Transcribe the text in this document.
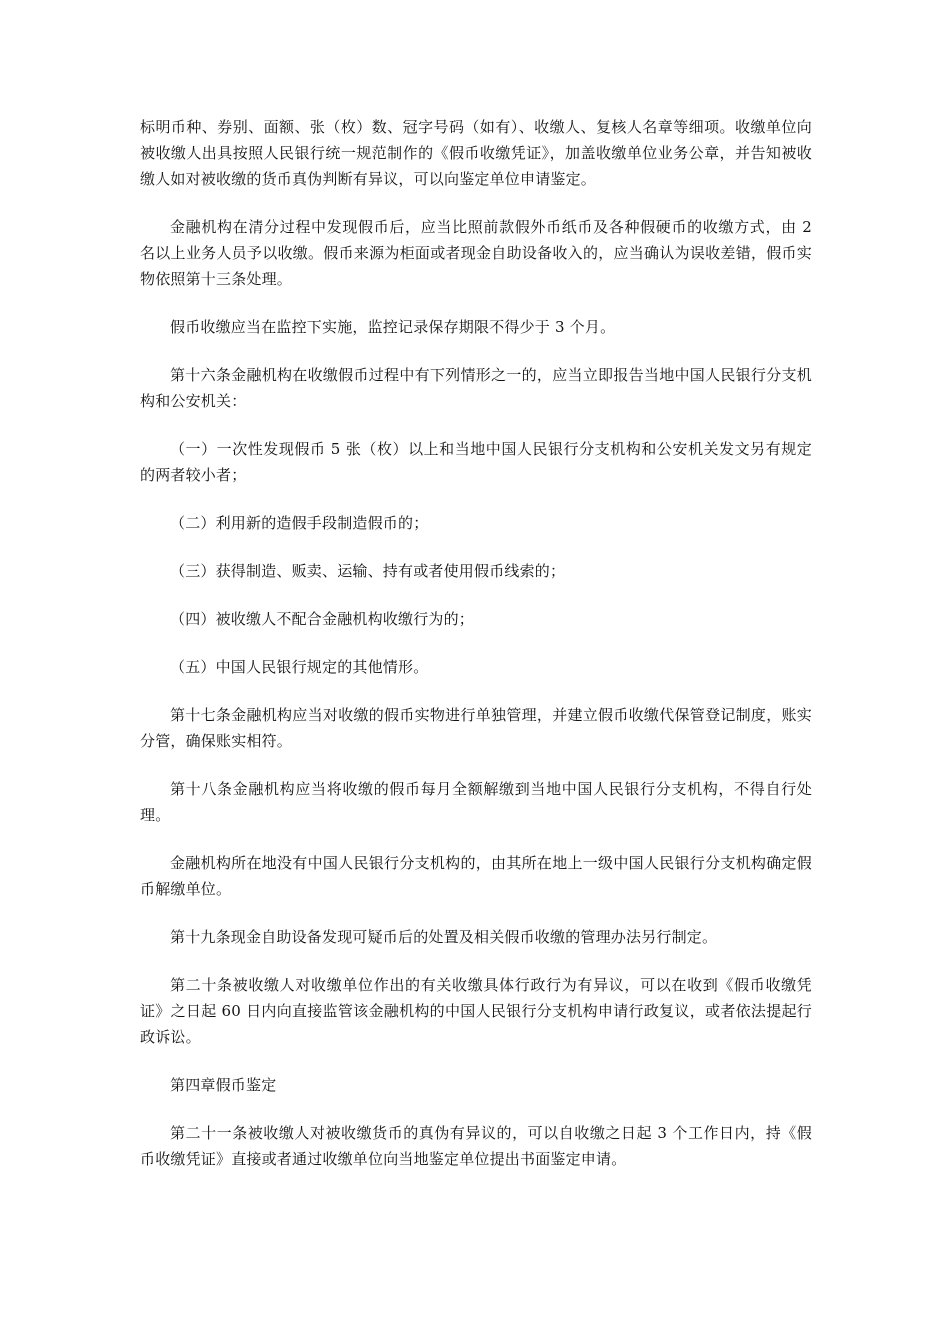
标明币种、券别、面额、张（枚）数、冠字号码（如有）、收缴人、复核人名章等细项。收缴单位向被收缴人出具按照人民银行统一规范制作的《假币收缴凭证》，加盖收缴单位业务公章，并告知被收缴人如对被收缴的货币真伪判断有异议，可以向鉴定单位申请鉴定。

金融机构在清分过程中发现假币后，应当比照前款假外币纸币及各种假硬币的收缴方式，由 2 名以上业务人员予以收缴。假币来源为柜面或者现金自助设备收入的，应当确认为误收差错，假币实物依照第十三条处理。

假币收缴应当在监控下实施，监控记录保存期限不得少于 3 个月。

第十六条金融机构在收缴假币过程中有下列情形之一的，应当立即报告当地中国人民银行分支机构和公安机关：

（一）一次性发现假币 5 张（枚）以上和当地中国人民银行分支机构和公安机关发文另有规定的两者较小者；

（二）利用新的造假手段制造假币的；

（三）获得制造、贩卖、运输、持有或者使用假币线索的；

（四）被收缴人不配合金融机构收缴行为的；

（五）中国人民银行规定的其他情形。

第十七条金融机构应当对收缴的假币实物进行单独管理，并建立假币收缴代保管登记制度，账实分管，确保账实相符。

第十八条金融机构应当将收缴的假币每月全额解缴到当地中国人民银行分支机构，不得自行处理。

金融机构所在地没有中国人民银行分支机构的，由其所在地上一级中国人民银行分支机构确定假币解缴单位。

第十九条现金自助设备发现可疑币后的处置及相关假币收缴的管理办法另行制定。

第二十条被收缴人对收缴单位作出的有关收缴具体行政行为有异议，可以在收到《假币收缴凭证》之日起 60 日内向直接监管该金融机构的中国人民银行分支机构申请行政复议，或者依法提起行政诉讼。

第四章假币鉴定

第二十一条被收缴人对被收缴货币的真伪有异议的，可以自收缴之日起 3 个工作日内，持《假币收缴凭证》直接或者通过收缴单位向当地鉴定单位提出书面鉴定申请。
